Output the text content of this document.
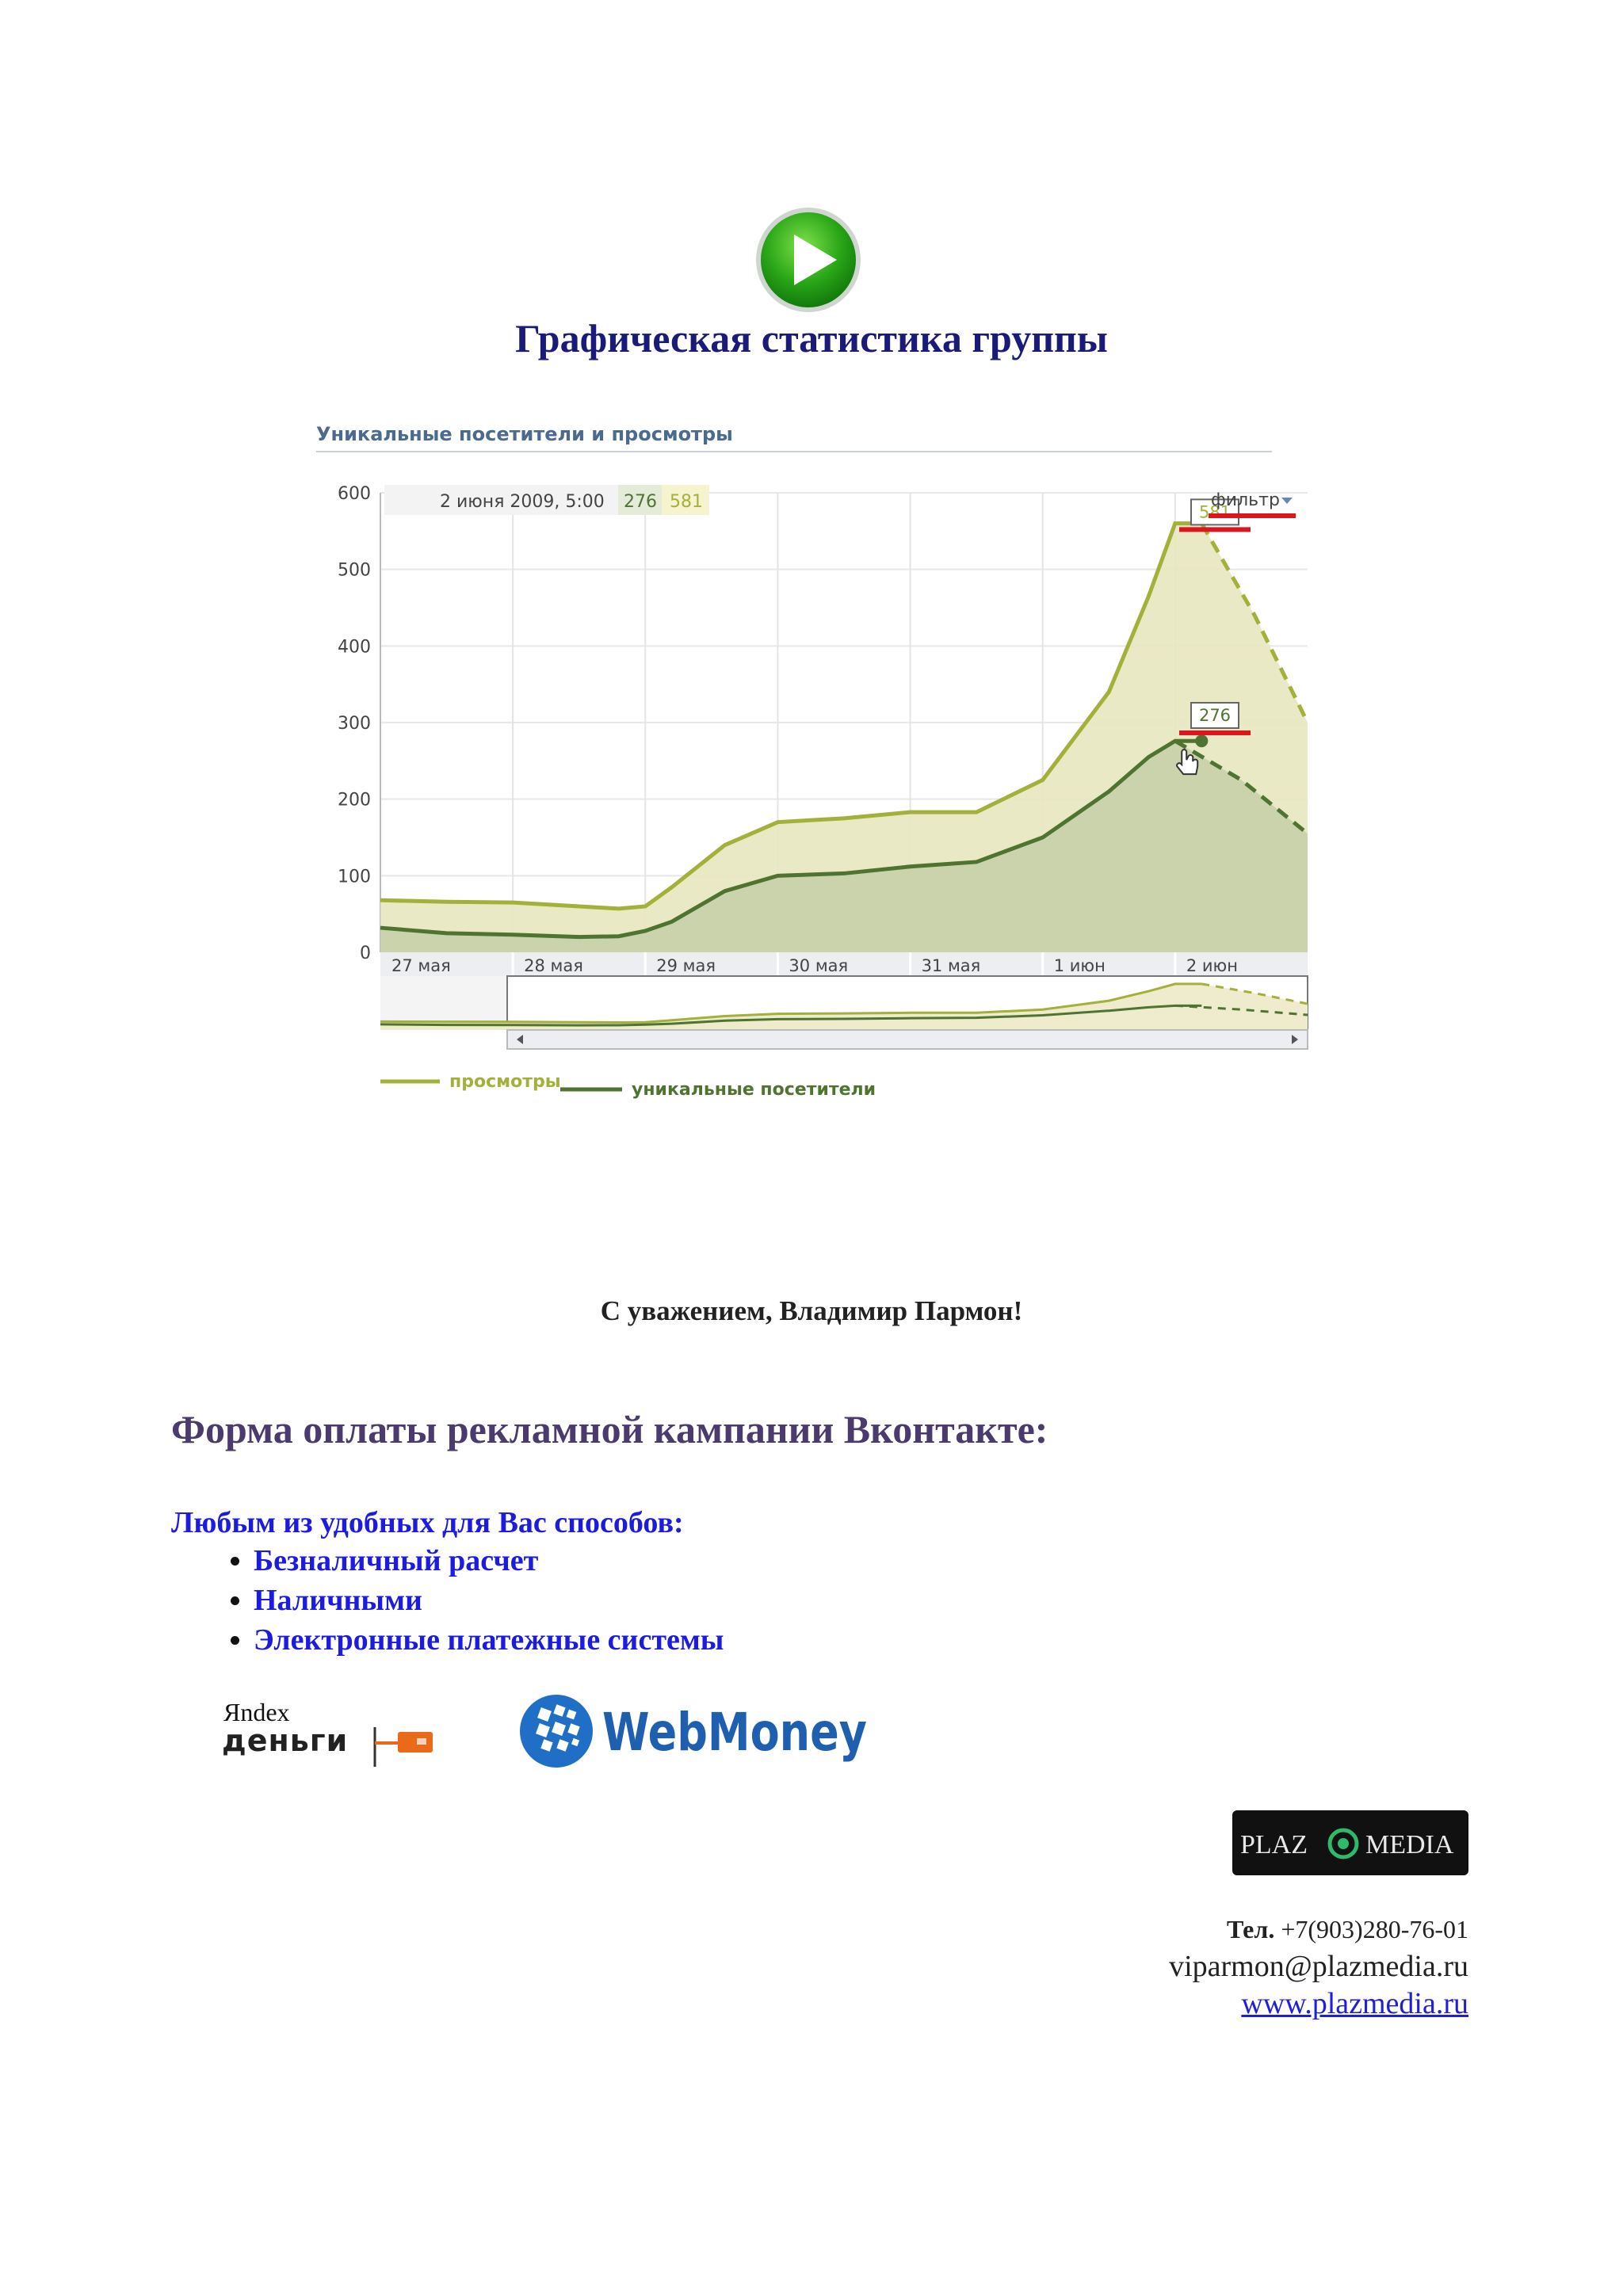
Графическая статистика группы
Уникальные посетители и просмотры
0
100
200
300
400
500
600
27 мая	28 мая	29 мая	30 мая	31 мая	1 июн	2 июн
581
276
2 июня 2009, 5:00 276 581	фильтр
просмотры	уникальные посетители
С уважением, Владимир Пармон!
Форма оплаты рекламной кампании Вконтакте:
Любым из удобных для Вас способов:
• Безналичный расчет
• Наличными
• Электронные платежные системы
Яndex
деньги	WebMoney
PLAZ MEDIA
Тел. +7(903)280-76-01
viparmon@plazmedia.ru
www.plazmedia.ru
